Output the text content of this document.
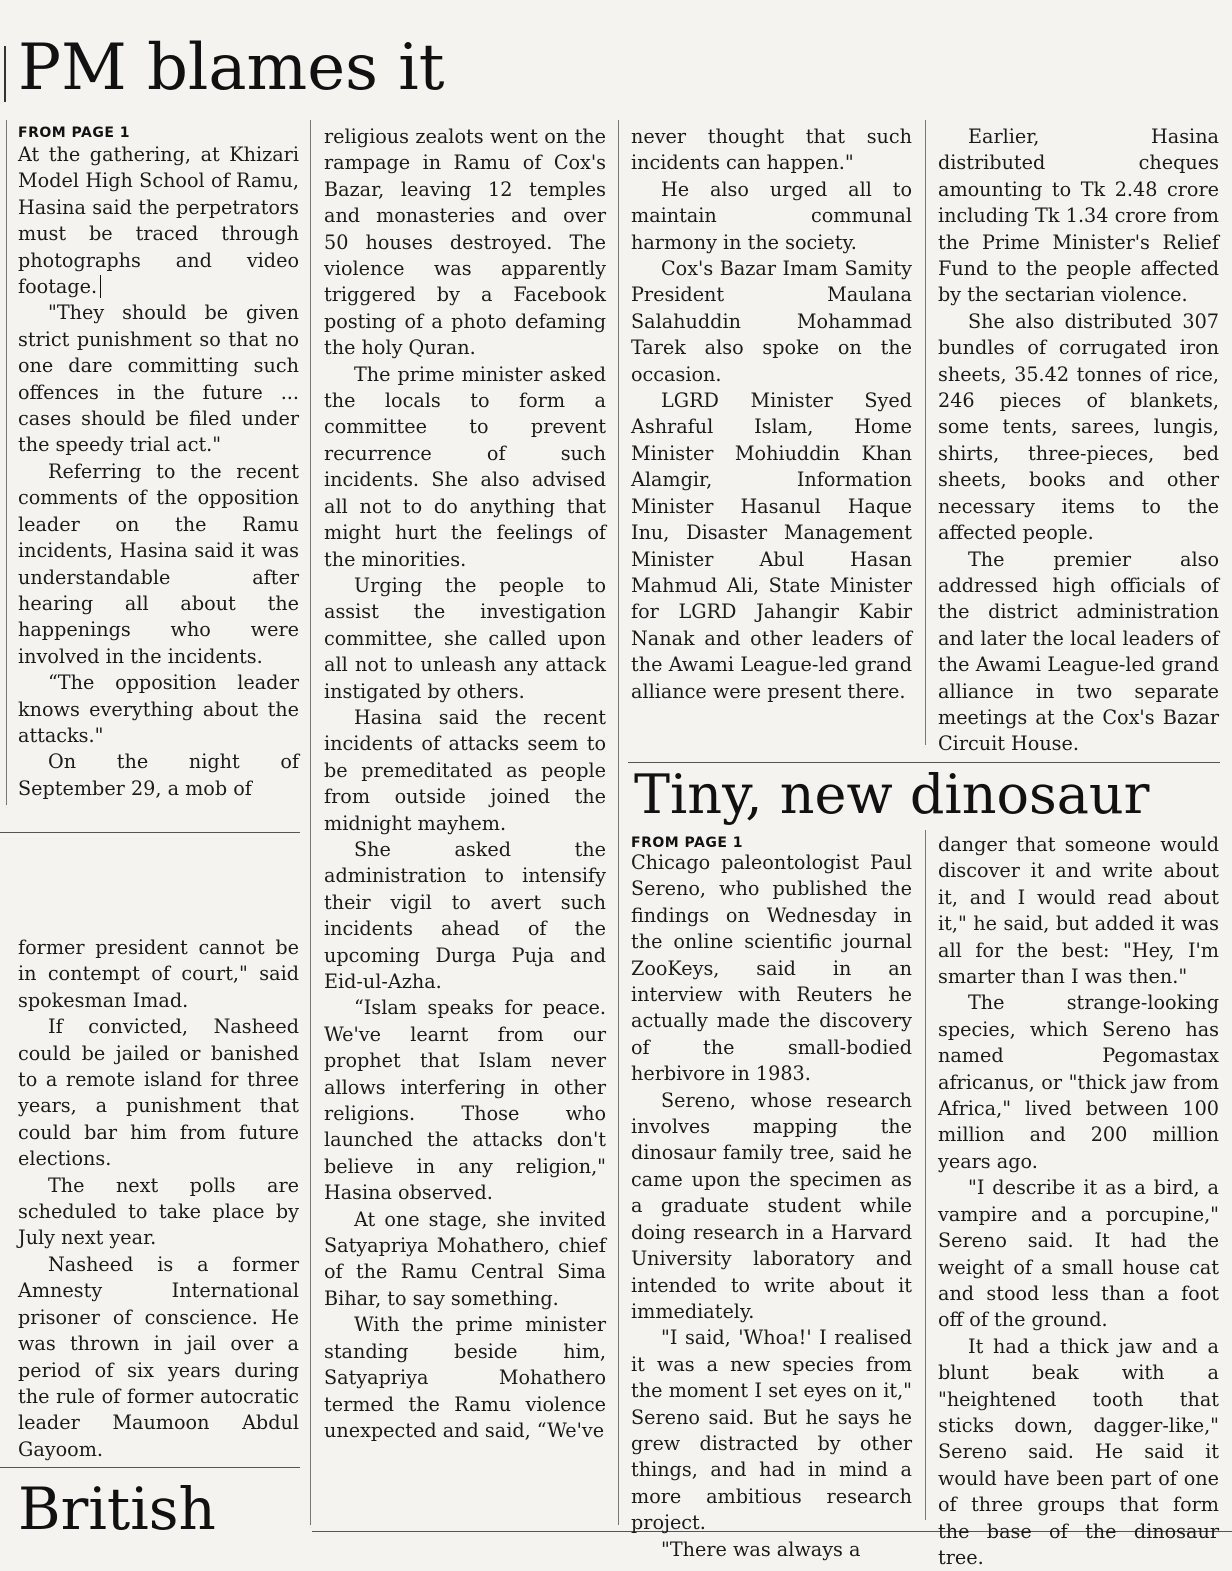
PM blames it
FROM PAGE 1

At the gathering, at Khizari Model High School of Ramu, Hasina said the perpetrators must be traced through photographs and video footage.

"They should be given strict punishment so that no one dare committing such offences in the future ... cases should be filed under the speedy trial act."

Referring to the recent comments of the opposition leader on the Ramu incidents, Hasina said it was understandable after hearing all about the happenings who were involved in the incidents.

“The opposition leader knows everything about the attacks."

On the night of September 29, a mob of

religious zealots went on the rampage in Ramu of Cox's Bazar, leaving 12 temples and monasteries and over 50 houses destroyed. The violence was apparently triggered by a Facebook posting of a photo defaming the holy Quran.

The prime minister asked the locals to form a committee to prevent recurrence of such incidents. She also advised all not to do anything that might hurt the feelings of the minorities.

Urging the people to assist the investigation committee, she called upon all not to unleash any attack instigated by others.

Hasina said the recent incidents of attacks seem to be premeditated as people from outside joined the midnight mayhem.

She asked the administration to intensify their vigil to avert such incidents ahead of the upcoming Durga Puja and Eid-ul-Azha.

“Islam speaks for peace. We've learnt from our prophet that Islam never allows interfering in other religions. Those who launched the attacks don't believe in any religion," Hasina observed.

At one stage, she invited Satyapriya Mohathero, chief of the Ramu Central Sima Bihar, to say something.

With the prime minister standing beside him, Satyapriya Mohathero termed the Ramu violence unexpected and said, “We've

never thought that such incidents can happen."

He also urged all to maintain communal harmony in the society.

Cox's Bazar Imam Samity President Maulana Salahuddin Mohammad Tarek also spoke on the occasion.

LGRD Minister Syed Ashraful Islam, Home Minister Mohiuddin Khan Alamgir, Information Minister Hasanul Haque Inu, Disaster Management Minister Abul Hasan Mahmud Ali, State Minister for LGRD Jahangir Kabir Nanak and other leaders of the Awami League-led grand alliance were present there.

Earlier, Hasina distributed cheques amounting to Tk 2.48 crore including Tk 1.34 crore from the Prime Minister's Relief Fund to the people affected by the sectarian violence.

She also distributed 307 bundles of corrugated iron sheets, 35.42 tonnes of rice, 246 pieces of blankets, some tents, sarees, lungis, shirts, three-pieces, bed sheets, books and other necessary items to the affected people.

The premier also addressed high officials of the district administration and later the local leaders of the Awami League-led grand alliance in two separate meetings at the Cox's Bazar Circuit House.

former president cannot be in contempt of court," said spokesman Imad.

If convicted, Nasheed could be jailed or banished to a remote island for three years, a punishment that could bar him from future elections.

The next polls are scheduled to take place by July next year.

Nasheed is a former Amnesty International prisoner of conscience. He was thrown in jail over a period of six years during the rule of former autocratic leader Maumoon Abdul Gayoom.

British
Tiny, new dinosaur
FROM PAGE 1

Chicago paleontologist Paul Sereno, who published the findings on Wednesday in the online scientific journal ZooKeys, said in an interview with Reuters he actually made the discovery of the small-bodied herbivore in 1983.

Sereno, whose research involves mapping the dinosaur family tree, said he came upon the specimen as a graduate student while doing research in a Harvard University laboratory and intended to write about it immediately.

"I said, 'Whoa!' I realised it was a new species from the moment I set eyes on it," Sereno said. But he says he grew distracted by other things, and had in mind a more ambitious research project.

"There was always a

danger that someone would discover it and write about it, and I would read about it," he said, but added it was all for the best: "Hey, I'm smarter than I was then."

The strange-looking species, which Sereno has named Pegomastax africanus, or "thick jaw from Africa," lived between 100 million and 200 million years ago.

"I describe it as a bird, a vampire and a porcupine," Sereno said. It had the weight of a small house cat and stood less than a foot off of the ground.

It had a thick jaw and a blunt beak with a "heightened tooth that sticks down, dagger-like," Sereno said. He said it would have been part of one of three groups that form the base of the dinosaur tree.
